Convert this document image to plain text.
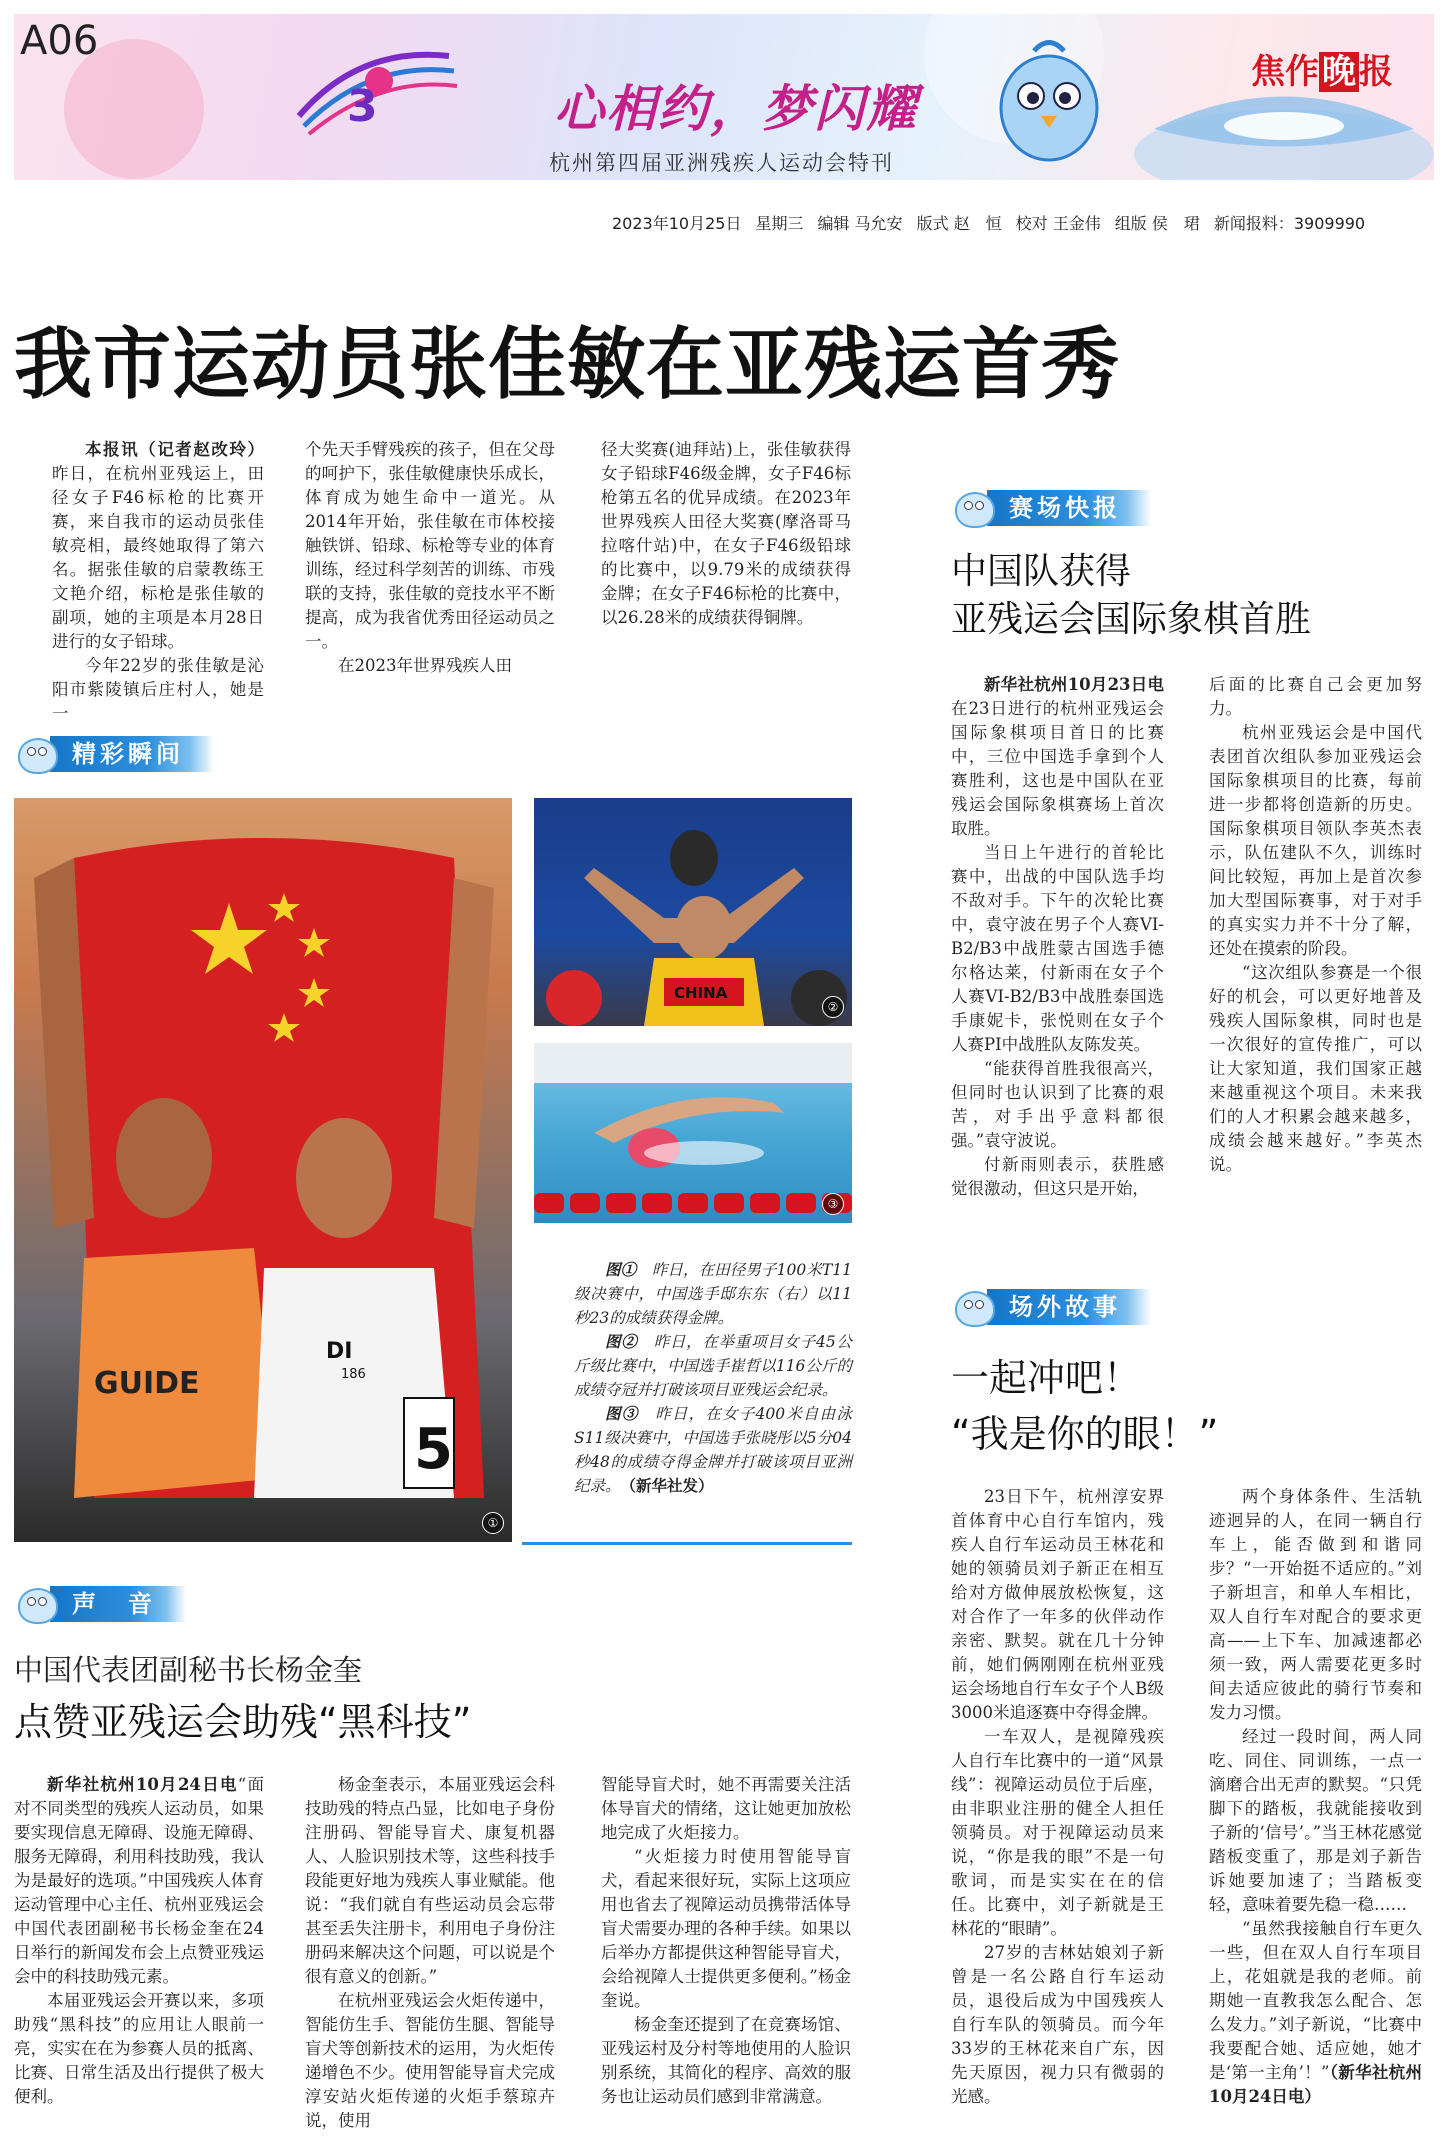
3	心相约，梦闪耀
杭州第四届亚洲残疾人运动会特刊
焦作晚报
A06
2023年10月25日 星期三 编辑 马允安 版式 赵　恒 校对 王金伟 组版 侯　珺 新闻报料：3909990
我市运动员张佳敏在亚残运首秀

本报讯（记者赵改玲）昨日，在杭州亚残运上，田径女子F46标枪的比赛开赛，来自我市的运动员张佳敏亮相，最终她取得了第六名。据张佳敏的启蒙教练王文艳介绍，标枪是张佳敏的副项，她的主项是本月28日进行的女子铅球。

今年22岁的张佳敏是沁阳市紫陵镇后庄村人，她是一

个先天手臂残疾的孩子，但在父母的呵护下，张佳敏健康快乐成长，体育成为她生命中一道光。从2014年开始，张佳敏在市体校接触铁饼、铅球、标枪等专业的体育训练，经过科学刻苦的训练、市残联的支持，张佳敏的竞技水平不断提高，成为我省优秀田径运动员之一。

在2023年世界残疾人田

径大奖赛(迪拜站)上，张佳敏获得女子铅球F46级金牌，女子F46标枪第五名的优异成绩。在2023年世界残疾人田径大奖赛(摩洛哥马拉喀什站)中，在女子F46级铅球的比赛中，以9.79米的成绩获得金牌；在女子F46标枪的比赛中，以26.28米的成绩获得铜牌。

精彩瞬间
GUIDE
DI
186
5
①
CHINA
②
③

图①　 昨日，在田径男子100米T11级决赛中，中国选手邸东东（右）以11秒23的成绩获得金牌。

图②　 昨日，在举重项目女子45公斤级比赛中，中国选手崔哲以116公斤的成绩夺冠并打破该项目亚残运会纪录。

图③　 昨日，在女子400米自由泳S11级决赛中，中国选手张晓彤以5分04秒48的成绩夺得金牌并打破该项目亚洲纪录。　 （新华社发）

声　音
中国代表团副秘书长杨金奎
点赞亚残运会助残“黑科技”

新华社杭州10月24日电“面对不同类型的残疾人运动员，如果要实现信息无障碍、设施无障碍、服务无障碍，利用科技助残，我认为是最好的选项。”中国残疾人体育运动管理中心主任、杭州亚残运会中国代表团副秘书长杨金奎在24日举行的新闻发布会上点赞亚残运会中的科技助残元素。

本届亚残运会开赛以来，多项助残“黑科技”的应用让人眼前一亮，实实在在为参赛人员的抵离、比赛、日常生活及出行提供了极大便利。

杨金奎表示，本届亚残运会科技助残的特点凸显，比如电子身份注册码、智能导盲犬、康复机器人、人脸识别技术等，这些科技手段能更好地为残疾人事业赋能。他说：“我们就自有些运动员会忘带甚至丢失注册卡，利用电子身份注册码来解决这个问题，可以说是个很有意义的创新。”

在杭州亚残运会火炬传递中，智能仿生手、智能仿生腿、智能导盲犬等创新技术的运用，为火炬传递增色不少。使用智能导盲犬完成淳安站火炬传递的火炬手蔡琼卉说，使用

智能导盲犬时，她不再需要关注活体导盲犬的情绪，这让她更加放松地完成了火炬接力。

“火炬接力时使用智能导盲犬，看起来很好玩，实际上这项应用也省去了视障运动员携带活体导盲犬需要办理的各种手续。如果以后举办方都提供这种智能导盲犬，会给视障人士提供更多便利。”杨金奎说。

杨金奎还提到了在竞赛场馆、亚残运村及分村等地使用的人脸识别系统，其简化的程序、高效的服务也让运动员们感到非常满意。

赛场快报
中国队获得
亚残运会国际象棋首胜

新华社杭州10月23日电　在23日进行的杭州亚残运会国际象棋项目首日的比赛中，三位中国选手拿到个人赛胜利，这也是中国队在亚残运会国际象棋赛场上首次取胜。

当日上午进行的首轮比赛中，出战的中国队选手均不敌对手。下午的次轮比赛中，袁守波在男子个人赛VI-B2/B3中战胜蒙古国选手德尔格达莱，付新雨在女子个人赛VI-B2/B3中战胜泰国选手康妮卡，张悦则在女子个人赛PI中战胜队友陈发英。

“能获得首胜我很高兴，但同时也认识到了比赛的艰苦，对手出乎意料都很强。”袁守波说。

付新雨则表示，获胜感觉很激动，但这只是开始，

后面的比赛自己会更加努力。

杭州亚残运会是中国代表团首次组队参加亚残运会国际象棋项目的比赛，每前进一步都将创造新的历史。国际象棋项目领队李英杰表示，队伍建队不久，训练时间比较短，再加上是首次参加大型国际赛事，对于对手的真实实力并不十分了解，还处在摸索的阶段。

“这次组队参赛是一个很好的机会，可以更好地普及残疾人国际象棋，同时也是一次很好的宣传推广，可以让大家知道，我们国家正越来越重视这个项目。未来我们的人才积累会越来越多，成绩会越来越好。”李英杰说。

场外故事
一起冲吧！
“我是你的眼！”

23日下午，杭州淳安界首体育中心自行车馆内，残疾人自行车运动员王林花和她的领骑员刘子新正在相互给对方做伸展放松恢复，这对合作了一年多的伙伴动作亲密、默契。就在几十分钟前，她们俩刚刚在杭州亚残运会场地自行车女子个人B级3000米追逐赛中夺得金牌。

一车双人，是视障残疾人自行车比赛中的一道“风景线”：视障运动员位于后座，由非职业注册的健全人担任领骑员。对于视障运动员来说，“你是我的眼”不是一句歌词，而是实实在在的信任。比赛中，刘子新就是王林花的“眼睛”。

27岁的吉林姑娘刘子新曾是一名公路自行车运动员，退役后成为中国残疾人自行车队的领骑员。而今年33岁的王林花来自广东，因先天原因，视力只有微弱的光感。

两个身体条件、生活轨迹迥异的人，在同一辆自行车上，能否做到和谐同步？“一开始挺不适应的。”刘子新坦言，和单人车相比，双人自行车对配合的要求更高——上下车、加减速都必须一致，两人需要花更多时间去适应彼此的骑行节奏和发力习惯。

经过一段时间，两人同吃、同住、同训练，一点一滴磨合出无声的默契。“只凭脚下的踏板，我就能接收到子新的‘信号’。”当王林花感觉踏板变重了，那是刘子新告诉她要加速了；当踏板变轻，意味着要先稳一稳……

“虽然我接触自行车更久一些，但在双人自行车项目上，花姐就是我的老师。前期她一直教我怎么配合、怎么发力。”刘子新说，“比赛中我要配合她、适应她，她才是‘第一主角’！”（新华社杭州10月24日电）
